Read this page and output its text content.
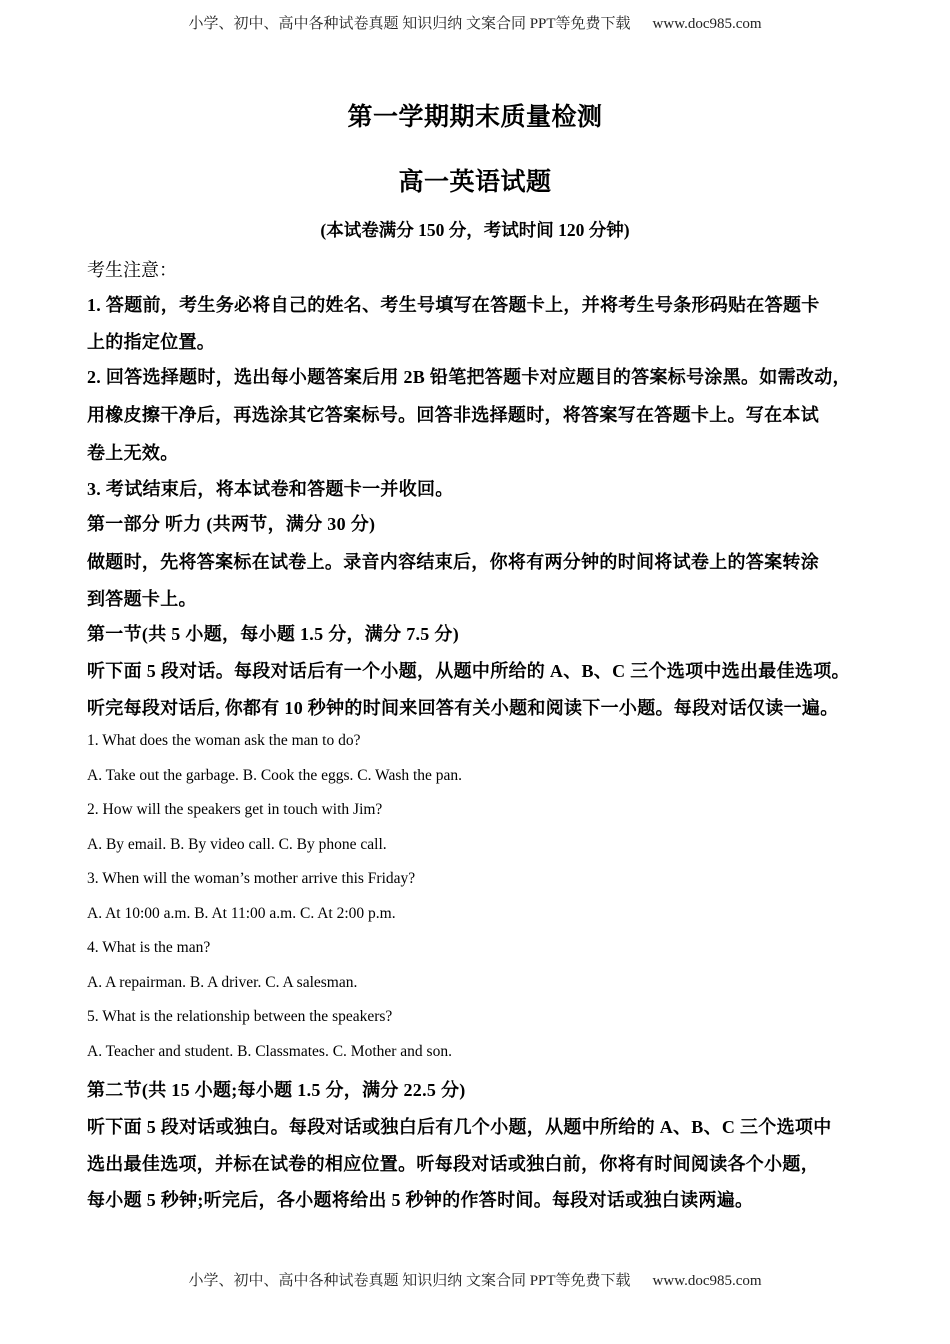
小学、初中、高中各种试卷真题 知识归纳 文案合同 PPT等免费下载 www.doc985.com
第一学期期末质量检测
高一英语试题
(本试卷满分 150 分，考试时间 120 分钟)
考生注意：
1. 答题前，考生务必将自己的姓名、考生号填写在答题卡上，并将考生号条形码贴在答题卡
上的指定位置。
2. 回答选择题时，选出每小题答案后用 2B 铅笔把答题卡对应题目的答案标号涂黑。如需改动，
用橡皮擦干净后，再选涂其它答案标号。回答非选择题时，将答案写在答题卡上。写在本试
卷上无效。
3. 考试结束后，将本试卷和答题卡一并收回。
第一部分 听力 (共两节，满分 30 分)
做题时，先将答案标在试卷上。录音内容结束后，你将有两分钟的时间将试卷上的答案转涂
到答题卡上。
第一节(共 5 小题，每小题 1.5 分，满分 7.5 分)
听下面 5 段对话。每段对话后有一个小题，从题中所给的 A、B、C 三个选项中选出最佳选项。
听完每段对话后, 你都有 10 秒钟的时间来回答有关小题和阅读下一小题。每段对话仅读一遍。
1. What does the woman ask the man to do?
A. Take out the garbage. B. Cook the eggs. C. Wash the pan.
2. How will the speakers get in touch with Jim?
A. By email. B. By video call. C. By phone call.
3. When will the woman’s mother arrive this Friday?
A. At 10:00 a.m. B. At 11:00 a.m. C. At 2:00 p.m.
4. What is the man?
A. A repairman. B. A driver. C. A salesman.
5. What is the relationship between the speakers?
A. Teacher and student. B. Classmates. C. Mother and son.
第二节(共 15 小题;每小题 1.5 分，满分 22.5 分)
听下面 5 段对话或独白。每段对话或独白后有几个小题，从题中所给的 A、B、C 三个选项中
选出最佳选项，并标在试卷的相应位置。听每段对话或独白前，你将有时间阅读各个小题，
每小题 5 秒钟;听完后，各小题将给出 5 秒钟的作答时间。每段对话或独白读两遍。
小学、初中、高中各种试卷真题 知识归纳 文案合同 PPT等免费下载 www.doc985.com
